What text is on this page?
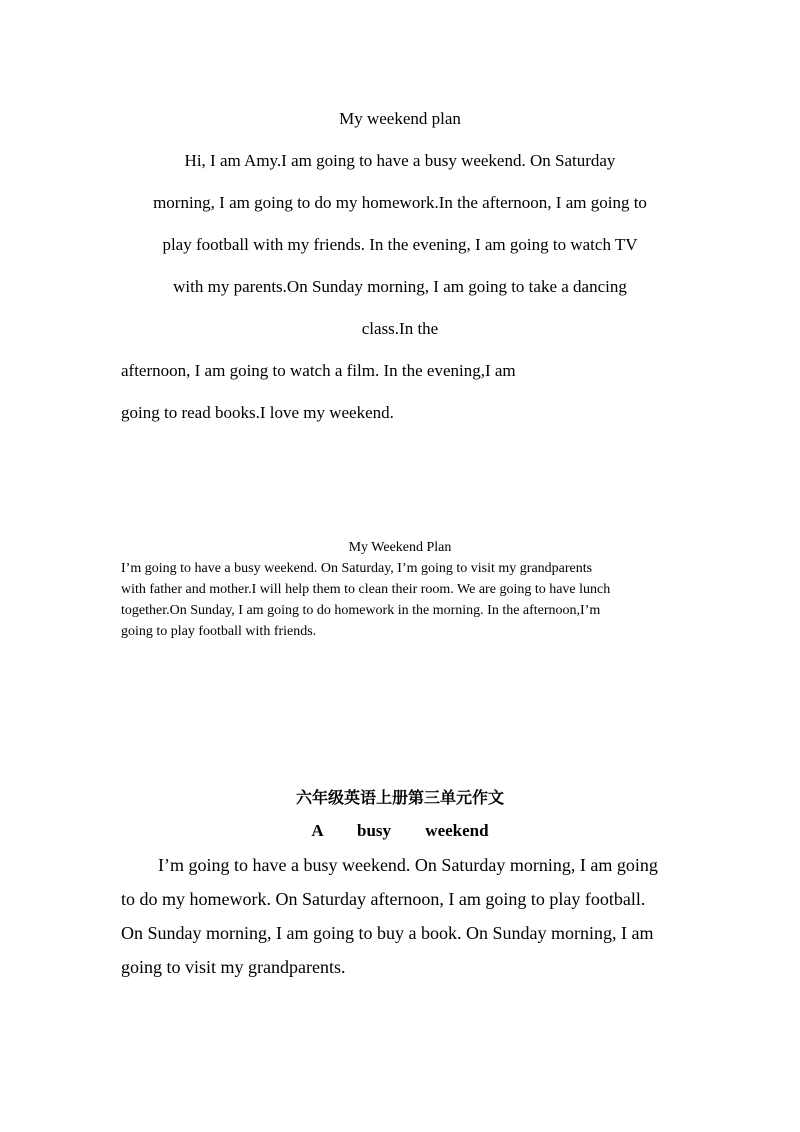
My weekend plan
Hi, I am Amy.I am going to have a busy weekend. On Saturday
morning, I am going to do my homework.In the afternoon, I am going to
play football with my friends. In the evening, I am going to watch TV
with my parents.On Sunday morning, I am going to take a dancing
class.In the
afternoon, I am going to watch a film. In the evening,I am
going to read books.I love my weekend.
My Weekend Plan
I’m going to have a busy weekend. On Saturday, I’m going to visit my grandparents
with father and mother.I will help them to clean their room. We are going to have lunch
together.On Sunday, I am going to do homework in the morning. In the afternoon,I’m
going to play football with friends.
六年级英语上册第三单元作文
A busy weekend
I’m going to have a busy weekend. On Saturday morning, I am going
to do my homework. On Saturday afternoon, I am going to play football.
On Sunday morning, I am going to buy a book. On Sunday morning, I am
going to visit my grandparents.
